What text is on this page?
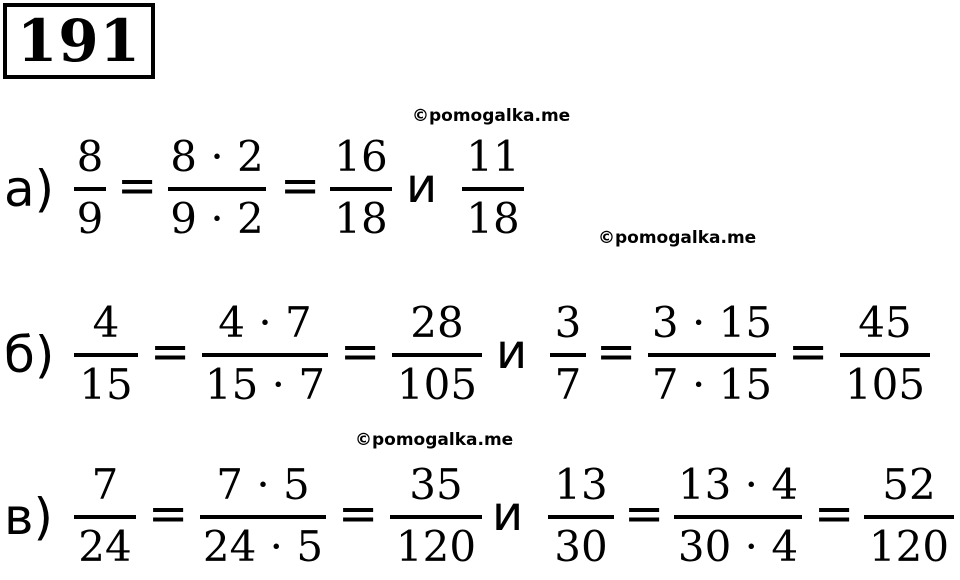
191
©pomogalka.me
©pomogalka.me
©pomogalka.me
а)
8
9
=
8 · 2
9 · 2
=
16
18
и
11
18
б)
4
15
=
4 · 7
15 · 7
=
28
105
и
3
7
=
3 · 15
7 · 15
=
45
105
в)
7
24
=
7 · 5
24 · 5
=
35
120
и
13
30
=
13 · 4
30 · 4
=
52
120
